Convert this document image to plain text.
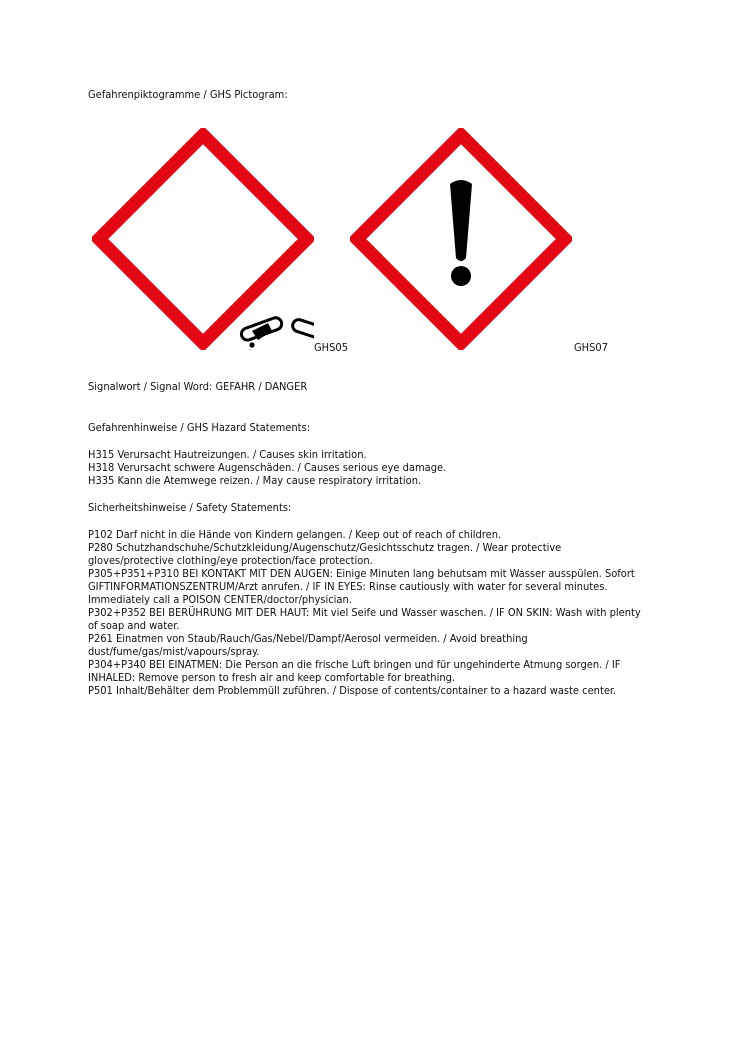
Gefahrenpiktogramme / GHS Pictogram:
GHS05	GHS07
Signalwort / Signal Word: GEFAHR / DANGER
Gefahrenhinweise / GHS Hazard Statements:
H315 Verursacht Hautreizungen. / Causes skin irritation.
H318 Verursacht schwere Augenschäden. / Causes serious eye damage.
H335 Kann die Atemwege reizen. / May cause respiratory irritation.
Sicherheitshinweise / Safety Statements:
P102 Darf nicht in die Hände von Kindern gelangen. / Keep out of reach of children.
P280 Schutzhandschuhe/Schutzkleidung/Augenschutz/Gesichtsschutz tragen. / Wear protective
gloves/protective clothing/eye protection/face protection.
P305+P351+P310 BEI KONTAKT MIT DEN AUGEN: Einige Minuten lang behutsam mit Wasser ausspülen. Sofort
GIFTINFORMATIONSZENTRUM/Arzt anrufen. / IF IN EYES: Rinse cautiously with water for several minutes.
Immediately call a POISON CENTER/doctor/physician.
P302+P352 BEI BERÜHRUNG MIT DER HAUT: Mit viel Seife und Wasser waschen. / IF ON SKIN: Wash with plenty
of soap and water.
P261 Einatmen von Staub/Rauch/Gas/Nebel/Dampf/Aerosol vermeiden. / Avoid breathing
dust/fume/gas/mist/vapours/spray.
P304+P340 BEI EINATMEN: Die Person an die frische Luft bringen und für ungehinderte Atmung sorgen. / IF
INHALED: Remove person to fresh air and keep comfortable for breathing.
P501 Inhalt/Behälter dem Problemmüll zuführen. / Dispose of contents/container to a hazard waste center.
